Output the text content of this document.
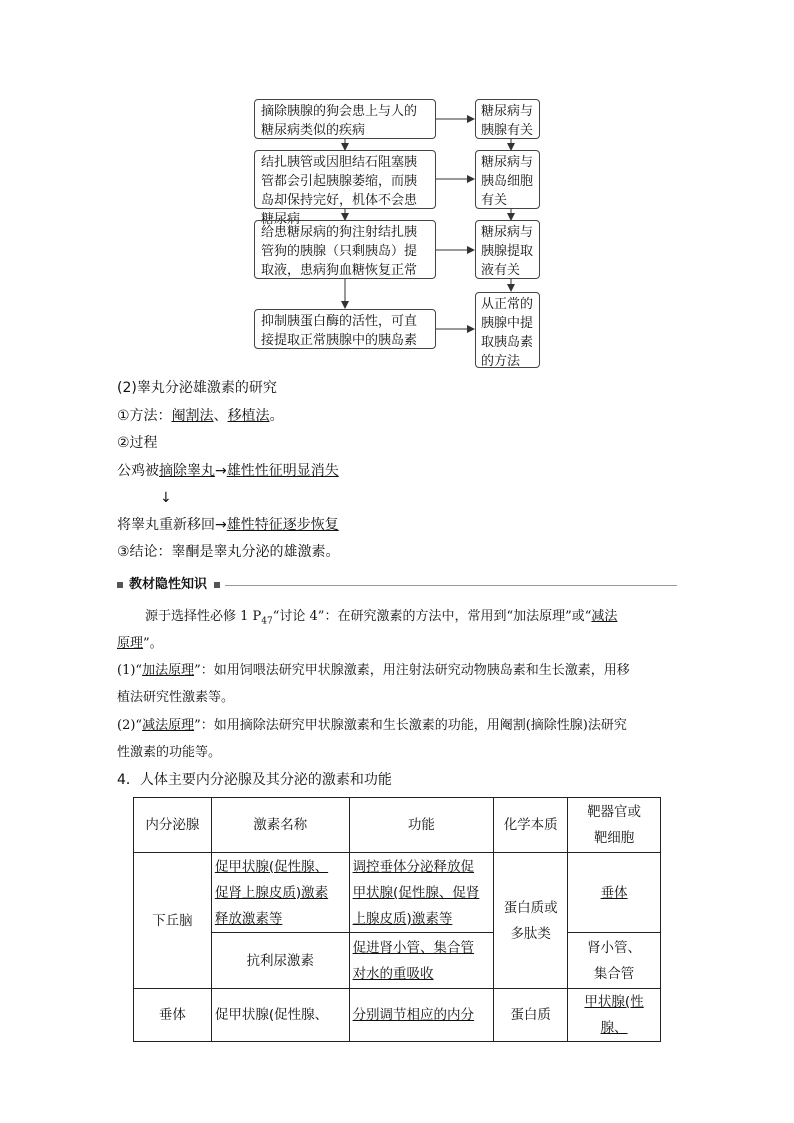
摘除胰腺的狗会患上与人的糖尿病类似的疾病
结扎胰管或因胆结石阻塞胰管都会引起胰腺萎缩，而胰岛却保持完好，机体不会患糖尿病
给患糖尿病的狗注射结扎胰管狗的胰腺（只剩胰岛）提取液，患病狗血糖恢复正常
抑制胰蛋白酶的活性，可直接提取正常胰腺中的胰岛素
糖尿病与胰腺有关
糖尿病与胰岛细胞有关
糖尿病与胰腺提取液有关
从正常的胰腺中提取胰岛素的方法
(2)睾丸分泌雄激素的研究
①方法：阉割法、移植法。
②过程
公鸡被摘除睾丸→雄性性征明显消失
↓
将睾丸重新移回→雄性特征逐步恢复
③结论：睾酮是睾丸分泌的雄激素。
教材隐性知识
源于选择性必修 1 $P_{47}“$讨论 4”：在研究激素的方法中，常用到“加法原理”或“减法
原理”。
(1)“加法原理”：如用饲喂法研究甲状腺激素，用注射法研究动物胰岛素和生长激素，用移
植法研究性激素等。
(2)“减法原理”：如用摘除法研究甲状腺激素和生长激素的功能，用阉割(摘除性腺)法研究
性激素的功能等。
4．人体主要内分泌腺及其分泌的激素和功能
内分泌腺	激素名称	功能	化学本质	靶器官或
靶细胞
下丘脑	促甲状腺(促性腺、
促肾上腺皮质)激素
释放激素等	调控垂体分泌释放促
甲状腺(促性腺、促肾
上腺皮质)激素等	蛋白质或
多肽类	垂体
	抗利尿激素	促进肾小管、集合管
对水的重吸收		肾小管、
集合管
垂体	促甲状腺(促性腺、	分别调节相应的内分	蛋白质	甲状腺(性腺、
